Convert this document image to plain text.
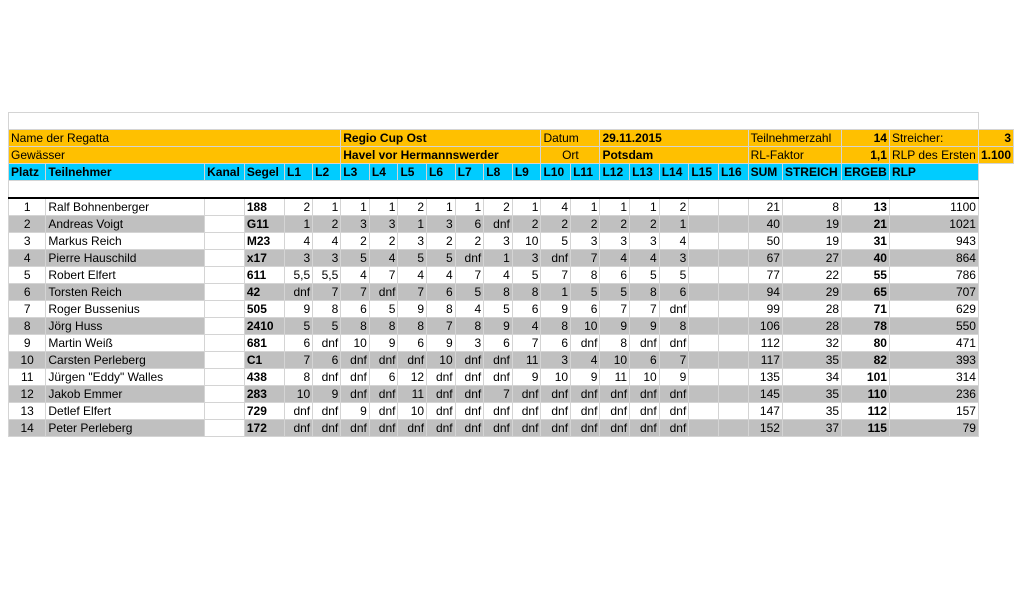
Name der Regatta						Regio Cup Ost							Datum		29.11.2015					Teilnehmerzahl		14	Streicher:	3
Gewässer						Havel vor Hermannswerder							Ort		Potsdam					RL-Faktor		1,1	RLP des Ersten	1.100
Platz	Teilnehmer	Kanal	Segel	L1	L2	L3	L4	L5	L6	L7	L8	L9	L10	L11	L12	L13	L14	L15	L16	SUM	STREICH	ERGEB	RLP	

1	Ralf Bohnenberger		188	2	1	1	1	2	1	1	2	1	4	1	1	1	2			21	8	13	1100	
2	Andreas Voigt		G11	1	2	3	3	1	3	6	dnf	2	2	2	2	2	1			40	19	21	1021	
3	Markus Reich		M23	4	4	2	2	3	2	2	3	10	5	3	3	3	4			50	19	31	943	
4	Pierre Hauschild		x17	3	3	5	4	5	5	dnf	1	3	dnf	7	4	4	3			67	27	40	864	
5	Robert Elfert		611	5,5	5,5	4	7	4	4	7	4	5	7	8	6	5	5			77	22	55	786	
6	Torsten Reich		42	dnf	7	7	dnf	7	6	5	8	8	1	5	5	8	6			94	29	65	707	
7	Roger Bussenius		505	9	8	6	5	9	8	4	5	6	9	6	7	7	dnf			99	28	71	629	
8	Jörg Huss		2410	5	5	8	8	8	7	8	9	4	8	10	9	9	8			106	28	78	550	
9	Martin Weiß		681	6	dnf	10	9	6	9	3	6	7	6	dnf	8	dnf	dnf			112	32	80	471	
10	Carsten Perleberg		C1	7	6	dnf	dnf	dnf	10	dnf	dnf	11	3	4	10	6	7			117	35	82	393	
11	Jürgen "Eddy" Walles		438	8	dnf	dnf	6	12	dnf	dnf	dnf	9	10	9	11	10	9			135	34	101	314	
12	Jakob Emmer		283	10	9	dnf	dnf	11	dnf	dnf	7	dnf	dnf	dnf	dnf	dnf	dnf			145	35	110	236	
13	Detlef Elfert		729	dnf	dnf	9	dnf	10	dnf	dnf	dnf	dnf	dnf	dnf	dnf	dnf	dnf			147	35	112	157	
14	Peter Perleberg		172	dnf	dnf	dnf	dnf	dnf	dnf	dnf	dnf	dnf	dnf	dnf	dnf	dnf	dnf			152	37	115	79	
